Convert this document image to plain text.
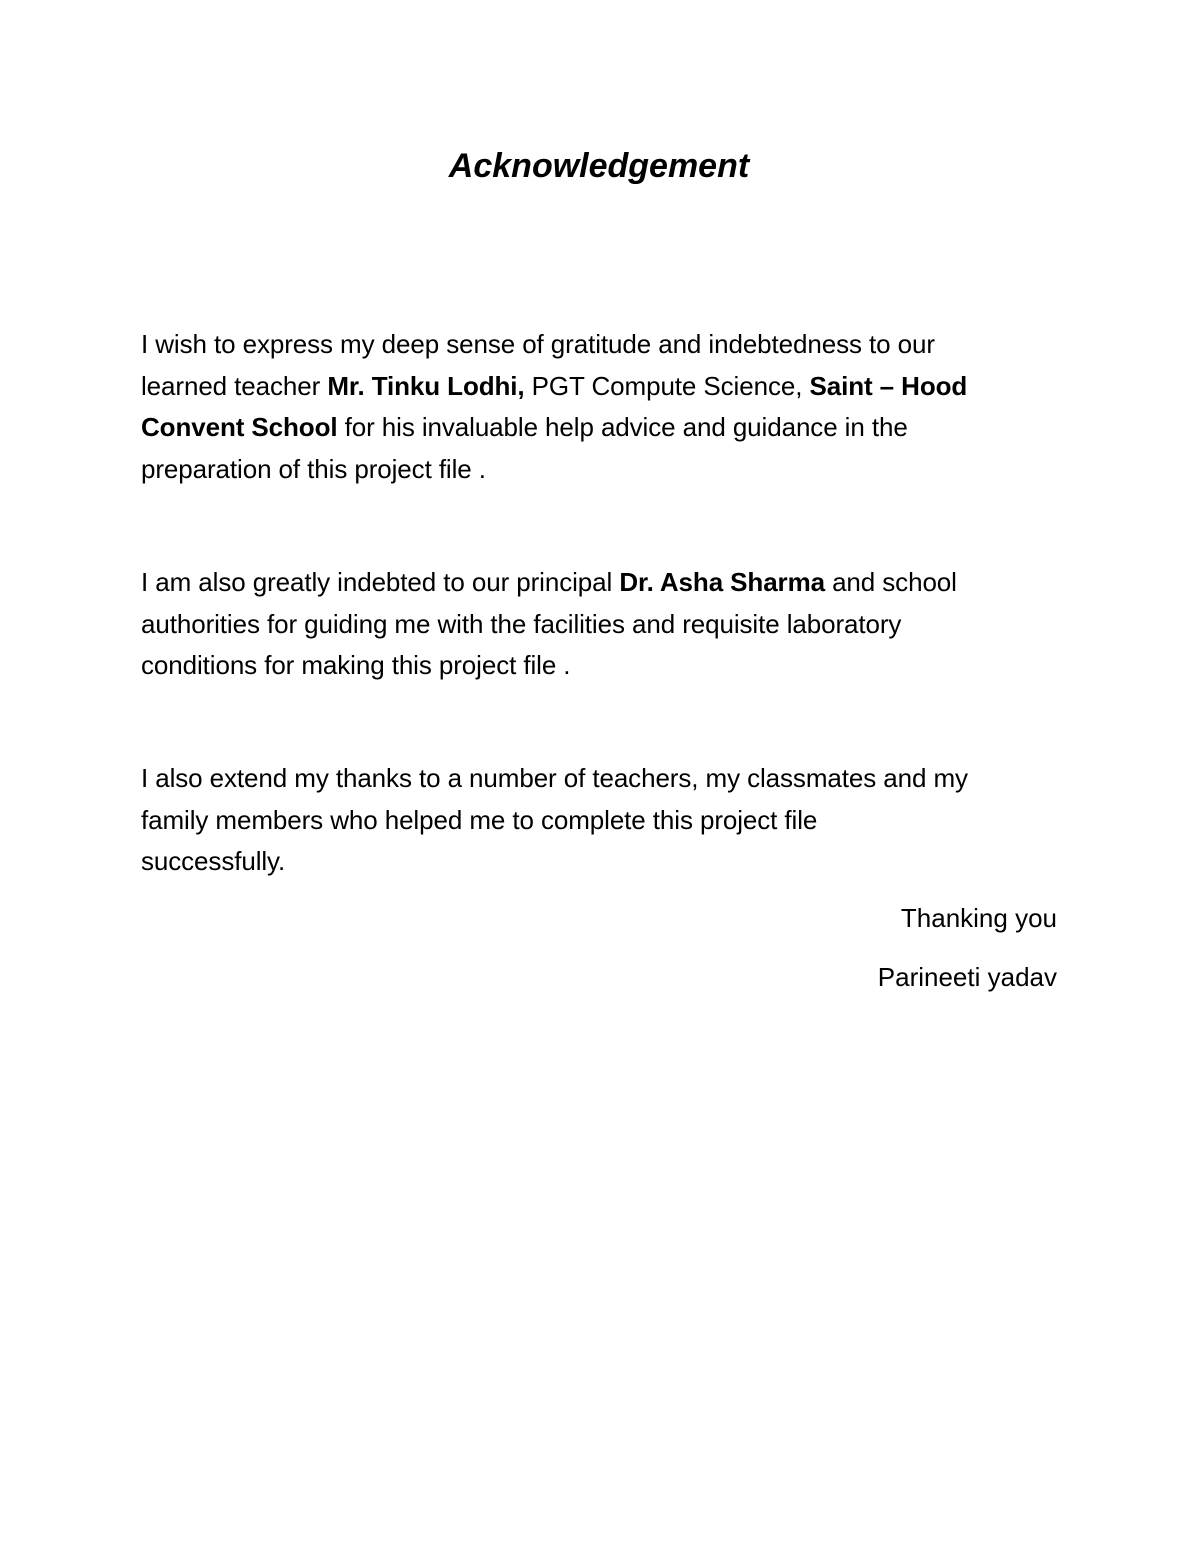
Acknowledgement

I wish to express my deep sense of gratitude and indebtedness to our
learned teacher Mr. Tinku Lodhi, PGT Compute Science, Saint – Hood
Convent School for his invaluable help advice and guidance in the
preparation of this project file .

I am also greatly indebted to our principal Dr. Asha Sharma and school
authorities for guiding me with the facilities and requisite laboratory
conditions for making this project file .

I also extend my thanks to a number of teachers, my classmates and my
family members who helped me to complete this project file
successfully.

Thanking you

Parineeti yadav
